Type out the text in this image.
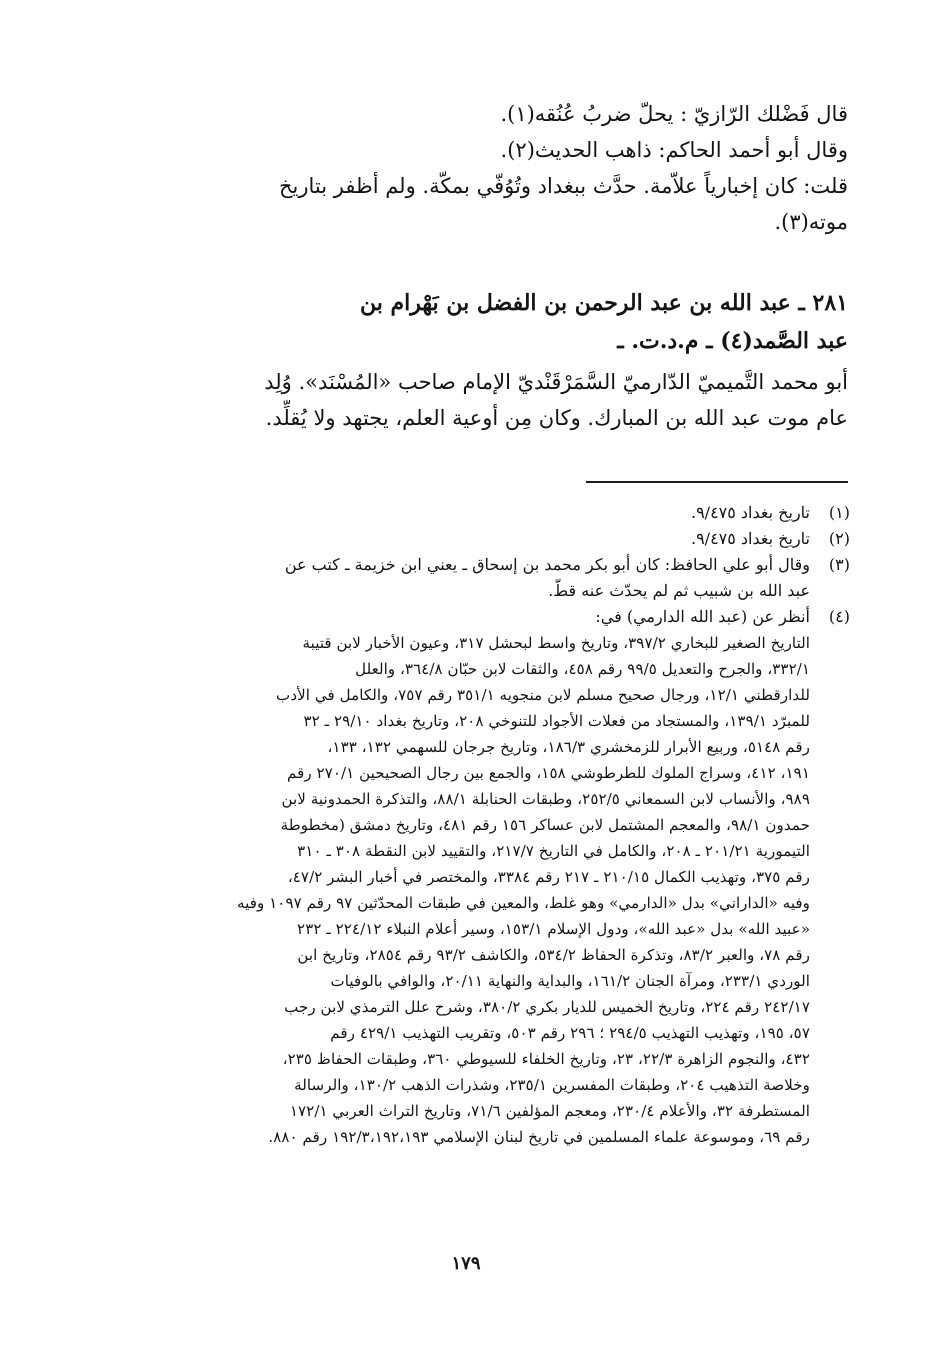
قال فَضْلك الرّازيّ : يحلّ ضربُ عُنُقه(١).
وقال أبو أحمد الحاكم: ذاهب الحديث(٢).
قلت: كان إخبارياً علاّمة. حدَّث ببغداد وتُوُفّي بمكّة. ولم أظفر بتاريخ
موته(٣).
٢٨١ ـ عبد الله بن عبد الرحمن بن الفضل بن بَهْرام بن
عبد الصَّمد(٤) ـ م.د.ت. ـ
أبو محمد التَّميميّ الدّارميّ السَّمَرْقَنْديّ الإمام صاحب «المُسْنَد». وُلِد
عام موت عبد الله بن المبارك. وكان مِن أوعية العلم، يجتهد ولا يُقلِّد.
(١)
تاريخ بغداد ٩/٤٧٥.
(٢)
تاريخ بغداد ٩/٤٧٥.
(٣)
وقال أبو علي الحافظ: كان أبو بكر محمد بن إسحاق ـ يعني ابن خزيمة ـ كتب عن
عبد الله بن شبيب ثم لم يحدّث عنه قطّ.
(٤)
أنظر عن (عبد الله الدارمي) في:
التاريخ الصغير للبخاري ٣٩٧/٢، وتاريخ واسط لبحشل ٣١٧، وعيون الأخبار لابن قتيبة
٣٣٢/١، والجرح والتعديل ٩٩/٥ رقم ٤٥٨، والثقات لابن حبّان ٣٦٤/٨، والعلل
للدارقطني ١٢/١، ورجال صحيح مسلم لابن منجويه ٣٥١/١ رقم ٧٥٧، والكامل في الأدب
للمبرّد ١٣٩/١، والمستجاد من فعلات الأجواد للتنوخي ٢٠٨، وتاريخ بغداد ٢٩/١٠ ـ ٣٢
رقم ٥١٤٨، وربيع الأبرار للزمخشري ١٨٦/٣، وتاريخ جرجان للسهمي ١٣٢، ١٣٣،
١٩١، ٤١٢، وسراج الملوك للطرطوشي ١٥٨، والجمع بين رجال الصحيحين ٢٧٠/١ رقم
٩٨٩، والأنساب لابن السمعاني ٢٥٢/٥، وطبقات الحنابلة ٨٨/١، والتذكرة الحمدونية لابن
حمدون ٩٨/١، والمعجم المشتمل لابن عساكر ١٥٦ رقم ٤٨١، وتاريخ دمشق (مخطوطة
التيمورية ٢٠١/٢١ ـ ٢٠٨، والكامل في التاريخ ٢١٧/٧، والتقييد لابن النقطة ٣٠٨ ـ ٣١٠
رقم ٣٧٥، وتهذيب الكمال ٢١٠/١٥ ـ ٢١٧ رقم ٣٣٨٤، والمختصر في أخبار البشر ٤٧/٢،
وفيه «الداراني» بدل «الدارمي» وهو غلط، والمعين في طبقات المحدّثين ٩٧ رقم ١٠٩٧ وفيه
«عبيد الله» بدل «عبد الله»، ودول الإسلام ١٥٣/١، وسير أعلام النبلاء ٢٢٤/١٢ ـ ٢٣٢
رقم ٧٨، والعبر ٨٣/٢، وتذكرة الحفاظ ٥٣٤/٢، والكاشف ٩٣/٢ رقم ٢٨٥٤، وتاريخ ابن
الوردي ٢٣٣/١، ومرآة الجنان ١٦١/٢، والبداية والنهاية ٢٠/١١، والوافي بالوفيات
٢٤٢/١٧ رقم ٢٢٤، وتاريخ الخميس للديار بكري ٣٨٠/٢، وشرح علل الترمذي لابن رجب
٥٧، ١٩٥، وتهذيب التهذيب ٢٩٤/٥ ؛ ٢٩٦ رقم ٥٠٣، وتقريب التهذيب ٤٢٩/١ رقم
٤٣٢، والنجوم الزاهرة ٢٢/٣، ٢٣، وتاريخ الخلفاء للسيوطي ٣٦٠، وطبقات الحفاظ ٢٣٥،
وخلاصة التذهيب ٢٠٤، وطبقات المفسرين ٢٣٥/١، وشذرات الذهب ١٣٠/٢، والرسالة
المستطرفة ٣٢، والأعلام ٢٣٠/٤، ومعجم المؤلفين ٧١/٦، وتاريخ التراث العربي ١٧٢/١
رقم ٦٩، وموسوعة علماء المسلمين في تاريخ لبنان الإسلامي ١٩٢/٣،١٩٢،١٩٣ رقم ٨٨٠.
١٧٩
